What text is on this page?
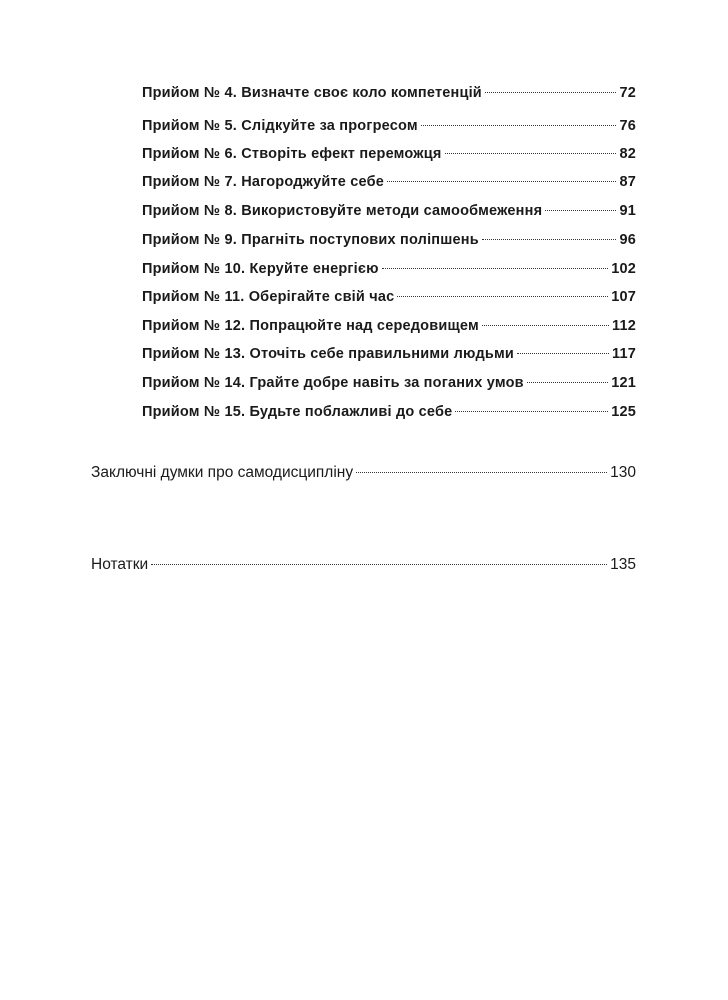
Прийом № 4. Визначте своє коло компетенцій	72
Прийом № 5. Слідкуйте за прогресом	76
Прийом № 6. Створіть ефект переможця	82
Прийом № 7. Нагороджуйте себе	87
Прийом № 8. Використовуйте методи самообмеження	91
Прийом № 9. Прагніть поступових поліпшень	96
Прийом № 10. Керуйте енергією	102
Прийом № 11. Оберігайте свій час	107
Прийом № 12. Попрацюйте над середовищем	112
Прийом № 13. Оточіть себе правильними людьми	117
Прийом № 14. Грайте добре навіть за поганих умов	121
Прийом № 15. Будьте поблажливі до себе	125
Заключні думки про самодисципліну	130
Нотатки	135
